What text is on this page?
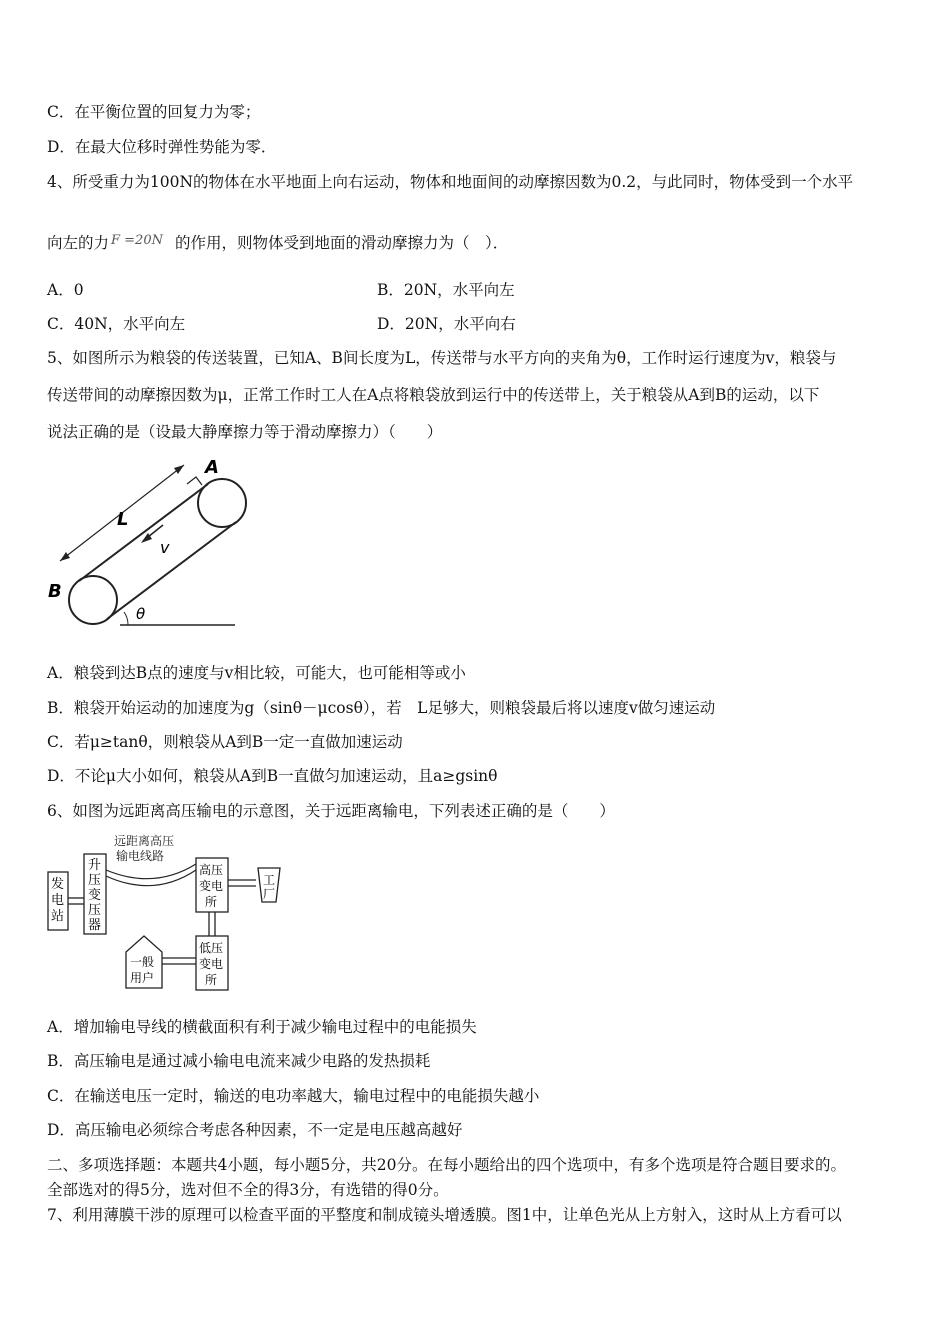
C．在平衡位置的回复力为零；
D．在最大位移时弹性势能为零．
4、所受重力为100N的物体在水平地面上向右运动，物体和地面间的动摩擦因数为0.2，与此同时，物体受到一个水平
向左的力 F =20N 的作用，则物体受到地面的滑动摩擦力为（　）．
A．0	B．20N，水平向左
C．40N，水平向左	D．20N，水平向右
5、如图所示为粮袋的传送装置，已知A、B间长度为L，传送带与水平方向的夹角为θ，工作时运行速度为v，粮袋与
传送带间的动摩擦因数为μ，正常工作时工人在A点将粮袋放到运行中的传送带上，关于粮袋从A到B的运动，以下
说法正确的是（设最大静摩擦力等于滑动摩擦力）（　　）
A
B
L
v
θ
A．粮袋到达B点的速度与v相比较，可能大，也可能相等或小
B．粮袋开始运动的加速度为g（sinθ－μcosθ），若　L足够大，则粮袋最后将以速度v做匀速运动
C．若μ≥tanθ，则粮袋从A到B一定一直做加速运动
D．不论μ大小如何，粮袋从A到B一直做匀加速运动，且a≥gsinθ
6、如图为远距离高压输电的示意图，关于远距离输电，下列表述正确的是（　　）
远距离高压
输电线路
发
电
站
升
压
变
压
器
高压
变电
所
工
厂
低压
变电
所
一般
用户
A．增加输电导线的横截面积有利于减少输电过程中的电能损失
B．高压输电是通过减小输电电流来减少电路的发热损耗
C．在输送电压一定时，输送的电功率越大，输电过程中的电能损失越小
D．高压输电必须综合考虑各种因素，不一定是电压越高越好
二、多项选择题：本题共4小题，每小题5分，共20分。在每小题给出的四个选项中，有多个选项是符合题目要求的。
全部选对的得5分，选对但不全的得3分，有选错的得0分。
7、利用薄膜干涉的原理可以检查平面的平整度和制成镜头增透膜。图1中，让单色光从上方射入，这时从上方看可以
